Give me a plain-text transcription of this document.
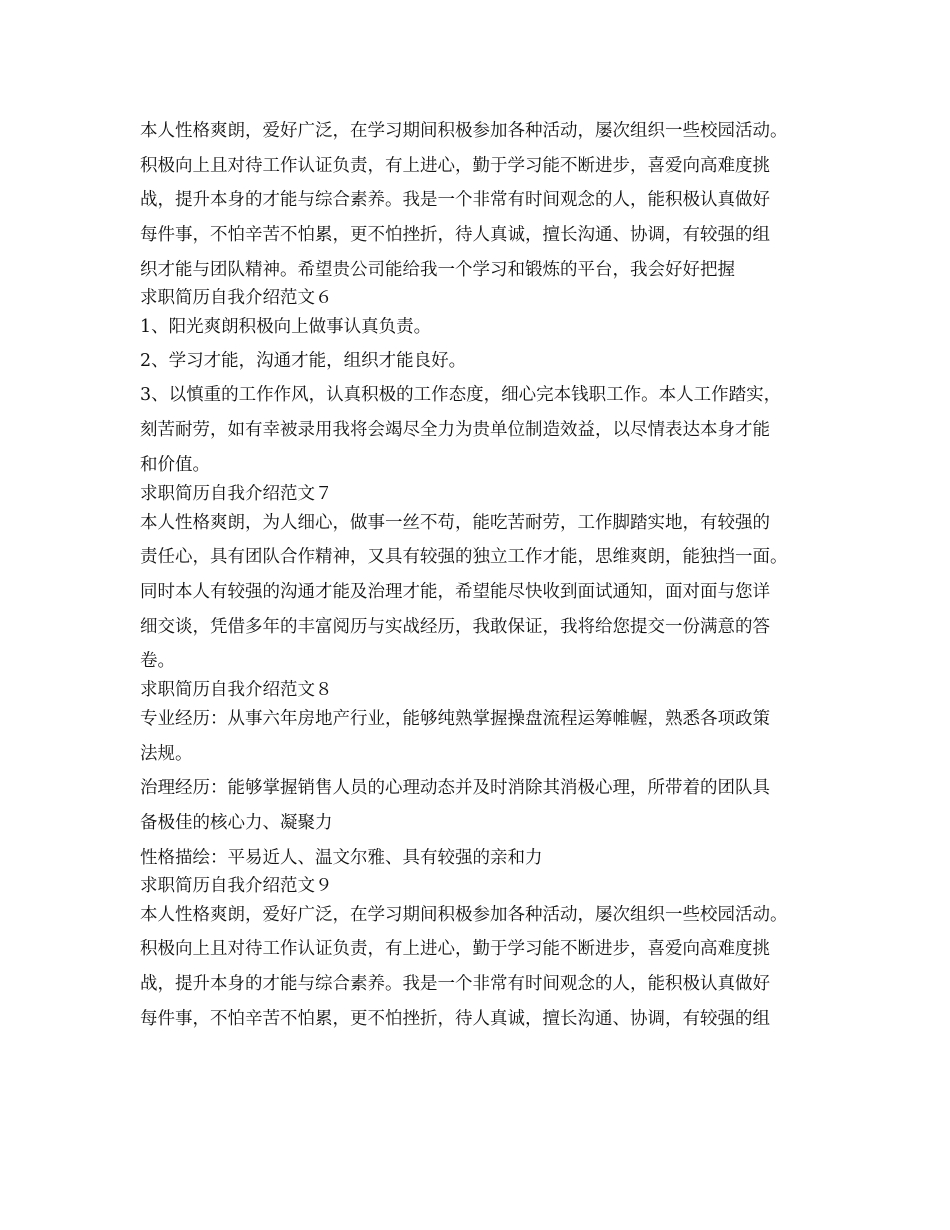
本人性格爽朗，爱好广泛，在学习期间积极参加各种活动，屡次组织一些校园活动。
积极向上且对待工作认证负责，有上进心，勤于学习能不断进步，喜爱向高难度挑
战，提升本身的才能与综合素养。我是一个非常有时间观念的人，能积极认真做好
每件事，不怕辛苦不怕累，更不怕挫折，待人真诚，擅长沟通、协调，有较强的组
织才能与团队精神。希望贵公司能给我一个学习和锻炼的平台，我会好好把握
求职简历自我介绍范文６
1、阳光爽朗积极向上做事认真负责。
2、学习才能，沟通才能，组织才能良好。
3、以慎重的工作作风，认真积极的工作态度，细心完本钱职工作。本人工作踏实，
刻苦耐劳，如有幸被录用我将会竭尽全力为贵单位制造效益，以尽情表达本身才能
和价值。
求职简历自我介绍范文７
本人性格爽朗，为人细心，做事一丝不苟，能吃苦耐劳，工作脚踏实地，有较强的
责任心，具有团队合作精神，又具有较强的独立工作才能，思维爽朗，能独挡一面。
同时本人有较强的沟通才能及治理才能，希望能尽快收到面试通知，面对面与您详
细交谈，凭借多年的丰富阅历与实战经历，我敢保证，我将给您提交一份满意的答
卷。
求职简历自我介绍范文８
专业经历：从事六年房地产行业，能够纯熟掌握操盘流程运筹帷幄，熟悉各项政策
法规。
治理经历：能够掌握销售人员的心理动态并及时消除其消极心理，所带着的团队具
备极佳的核心力、凝聚力
性格描绘：平易近人、温文尔雅、具有较强的亲和力
求职简历自我介绍范文９
本人性格爽朗，爱好广泛，在学习期间积极参加各种活动，屡次组织一些校园活动。
积极向上且对待工作认证负责，有上进心，勤于学习能不断进步，喜爱向高难度挑
战，提升本身的才能与综合素养。我是一个非常有时间观念的人，能积极认真做好
每件事，不怕辛苦不怕累，更不怕挫折，待人真诚，擅长沟通、协调，有较强的组
